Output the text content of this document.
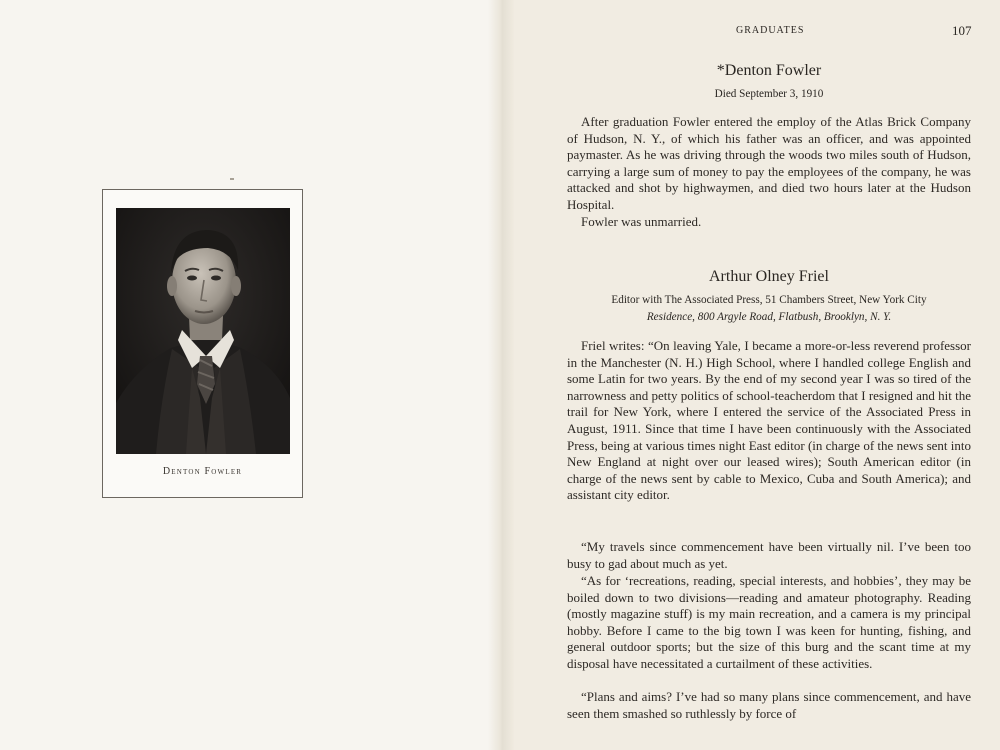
Denton Fowler
GRADUATES	107
*Denton Fowler
Died September 3, 1910

After graduation Fowler entered the employ of the Atlas Brick Company of Hudson, N. Y., of which his father was an officer, and was appointed paymaster. As he was driving through the woods two miles south of Hudson, carrying a large sum of money to pay the employees of the company, he was attacked and shot by highwaymen, and died two hours later at the Hudson Hospital.

Fowler was unmarried.

Arthur Olney Friel
Editor with The Associated Press, 51 Chambers Street, New York City
Residence, 800 Argyle Road, Flatbush, Brooklyn, N. Y.

Friel writes: “On leaving Yale, I became a more-or-less reverend professor in the Manchester (N. H.) High School, where I handled college English and some Latin for two years. By the end of my second year I was so tired of the narrowness and petty politics of school-teacherdom that I resigned and hit the trail for New York, where I entered the service of the Associated Press in August, 1911. Since that time I have been continuously with the Associated Press, being at various times night East editor (in charge of the news sent into New England at night over our leased wires); South American editor (in charge of the news sent by cable to Mexico, Cuba and South America); and assistant city editor.

“My travels since commencement have been virtually nil. I’ve been too busy to gad about much as yet.

“As for ‘recreations, reading, special interests, and hobbies’, they may be boiled down to two divisions—reading and amateur photography. Reading (mostly magazine stuff) is my main recreation, and a camera is my principal hobby. Before I came to the big town I was keen for hunting, fishing, and general outdoor sports; but the size of this burg and the scant time at my disposal have necessitated a curtailment of these activities.

“Plans and aims? I’ve had so many plans since commencement, and have seen them smashed so ruthlessly by force of
